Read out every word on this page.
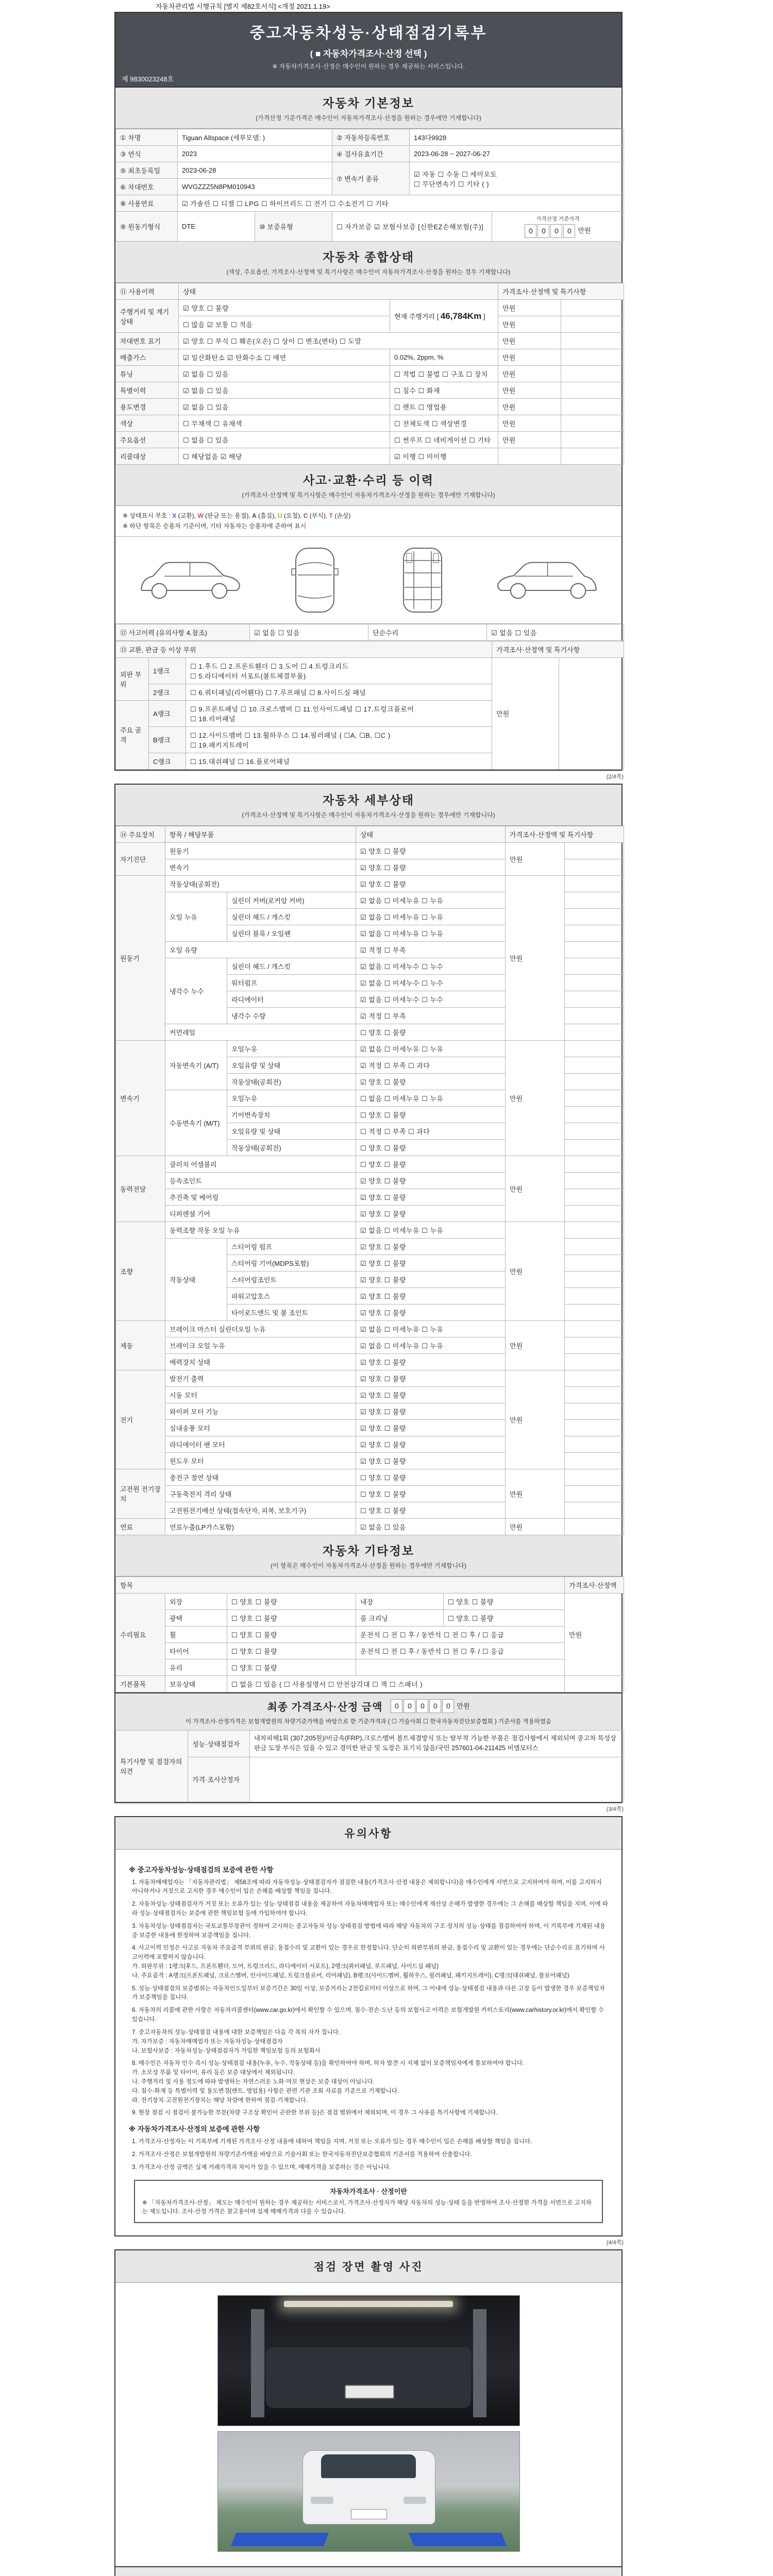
자동차관리법 시행규칙 [별지 제82호서식] <개정 2021.1.19>
중고자동차성능·상태점검기록부
( ■ 자동차가격조사·산정 선택 )
※ 자동차가격조사·산정은 매수인이 원하는 경우 제공하는 서비스입니다.
제 9830023248호
자동차 기본정보
(가격산정 기준가격은 매수인이 자동차가격조사·산정을 원하는 경우에만 기재합니다)
① 차명	Tiguan Allspace (세부모델: )		② 자동차등록번호	143다9928	
③ 연식	2023		④ 검사유효기간	2023-06-28 ~ 2027-06-27	
⑤ 최초등록일	2023-06-28		⑦ 변속기 종류	☑ 자동 ☐ 수동 ☐ 세미오토
☐ 무단변속기 ☐ 기타 ( )	
⑥ 차대번호	WVGZZZ5N8PM010943				
⑧ 사용연료	☑ 가솔린 ☐ 디젤 ☐ LPG ☐ 하이브리드 ☐ 전기 ☐ 수소전기 ☐ 기타				
⑨ 원동기형식	DTE	⑩ 보증유형	☐ 자가보증 ☑ 보험사보증 [신한EZ손해보험(주)]		가격산정 기준가격
0 0 0 0 만원
자동차 종합상태
(색상, 주요옵션, 가격조사·산정액 및 특기사항은 매수인이 자동차가격조사·산정을 원하는 경우 기재합니다)
⑪ 사용이력	상태		가격조사·산정액 및 특기사항	
주행거리 및 계기상태	☑ 양호 ☐ 불량	현재 주행거리 [ 46,784Km ]	만원	
	☐ 많음 ☑ 보통 ☐ 적음		만원	
차대번호 표기	☑ 양호 ☐ 부식 ☐ 훼손(오손) ☐ 상이 ☐ 변조(변타) ☐ 도말		만원	
배출가스	☑ 일산화탄소 ☑ 탄화수소 ☐ 매연	0.02%, 2ppm, %	만원	
튜닝	☑ 없음 ☐ 있음	☐ 적법 ☐ 불법 ☐ 구조 ☐ 장치	만원	
특별이력	☑ 없음 ☐ 있음	☐ 침수 ☐ 화재	만원	
용도변경	☑ 없음 ☐ 있음	☐ 렌트 ☐ 영업용	만원	
색상	☐ 무채색 ☐ 유채색	☐ 전체도색 ☐ 색상변경	만원	
주요옵션	☐ 없음 ☐ 있음	☐ 썬루프 ☐ 네비게이션 ☐ 기타	만원	
리콜대상	☐ 해당없음 ☑ 해당	☑ 이행 ☐ 미이행		
사고·교환·수리 등 이력
(가격조사·산정액 및 특기사항은 매수인이 자동차가격조사·산정을 원하는 경우에만 기재합니다)
※ 상태표시 부호 : X (교환), W (판금 또는 용접), A (흠집), U (요철), C (부식), T (손상)
※ 하단 항목은 승용차 기준이며, 기타 자동차는 승용차에 준하여 표시
⑫ 사고이력 (유의사항 4.참조)	☑ 없음 ☐ 있음	단순수리	☑ 없음 ☐ 있음
⑬ 교환, 판금 등 이상 부위			가격조사·산정액 및 특기사항	
외판 부위	1랭크	☐ 1.후드 ☐ 2.프론트휀더 ☐ 3.도어 ☐ 4.트렁크리드
☐ 5.라디에이터 서포트(볼트체결부품)	만원	
	2랭크	☐ 6.쿼터패널(리어휀다) ☐ 7.루프패널 ☐ 8.사이드실 패널		
주요 골격	A랭크	☐ 9.프론트패널 ☐ 10.크로스멤버 ☐ 11.인사이드패널 ☐ 17.트렁크플로어
☐ 18.리어패널		
	B랭크	☐ 12.사이드멤버 ☐ 13.휠하우스 ☐ 14.필러패널 ( ☐A, ☐B, ☐C )
☐ 19.패키지트레이		
	C랭크	☐ 15.대쉬패널 ☐ 16.플로어패널		
(2/4쪽)
자동차 세부상태
(가격조사·산정액 및 특기사항은 매수인이 자동차가격조사·산정을 원하는 경우에만 기재합니다)
⑭ 주요장치	항목 / 해당부품		상태	가격조사·산정액 및 특기사항	
자기진단	원동기		☑ 양호 ☐ 불량	만원	
	변속기		☑ 양호 ☐ 불량		
원동기	작동상태(공회전)		☑ 양호 ☐ 불량	만원	
	오일 누유	실린더 커버(로커암 커버)	☑ 없음 ☐ 미세누유 ☐ 누유		
		실린더 헤드 / 개스킷	☑ 없음 ☐ 미세누유 ☐ 누유		
		실린더 블록 / 오일팬	☑ 없음 ☐ 미세누유 ☐ 누유		
	오일 유량		☑ 적정 ☐ 부족		
	냉각수 누수	실린더 헤드 / 개스킷	☑ 없음 ☐ 미세누수 ☐ 누수		
		워터펌프	☑ 없음 ☐ 미세누수 ☐ 누수		
		라디에이터	☑ 없음 ☐ 미세누수 ☐ 누수		
		냉각수 수량	☑ 적정 ☐ 부족		
	커먼레일		☐ 양호 ☐ 불량		
변속기	자동변속기 (A/T)	오일누유	☑ 없음 ☐ 미세누유 ☐ 누유	만원	
		오일유량 및 상태	☑ 적정 ☐ 부족 ☐ 과다		
		작동상태(공회전)	☑ 양호 ☐ 불량		
	수동변속기 (M/T)	오일누유	☐ 없음 ☐ 미세누유 ☐ 누유		
		기어변속장치	☐ 양호 ☐ 불량		
		오일유량 및 상태	☐ 적정 ☐ 부족 ☐ 과다		
		작동상태(공회전)	☐ 양호 ☐ 불량		
동력전달	클러치 어셈블리		☐ 양호 ☐ 불량	만원	
	등속조인트		☑ 양호 ☐ 불량		
	추진축 및 베어링		☑ 양호 ☐ 불량		
	디퍼렌셜 기어		☑ 양호 ☐ 불량		
조향	동력조향 작동 오일 누유		☑ 없음 ☐ 미세누유 ☐ 누유	만원	
	작동상태	스티어링 펌프	☑ 양호 ☐ 불량		
		스티어링 기어(MDPS포함)	☑ 양호 ☐ 불량		
		스티어링조인트	☑ 양호 ☐ 불량		
		파워고압호스	☑ 양호 ☐ 불량		
		타이로드엔드 및 볼 조인트	☑ 양호 ☐ 불량		
제동	브레이크 마스터 실린더오일 누유		☑ 없음 ☐ 미세누유 ☐ 누유	만원	
	브레이크 오일 누유		☑ 없음 ☐ 미세누유 ☐ 누유		
	배력장치 상태		☑ 양호 ☐ 불량		
전기	발전기 출력		☑ 양호 ☐ 불량	만원	
	시동 모터		☑ 양호 ☐ 불량		
	와이퍼 모터 기능		☑ 양호 ☐ 불량		
	실내송풍 모터		☑ 양호 ☐ 불량		
	라디에이터 팬 모터		☑ 양호 ☐ 불량		
	윈도우 모터		☑ 양호 ☐ 불량		
고전원 전기장치	충전구 절연 상태		☐ 양호 ☐ 불량	만원	
	구동축전지 격리 상태		☐ 양호 ☐ 불량		
	고전원전기배선 상태(접속단자, 피복, 보호기구)		☐ 양호 ☐ 불량		
연료	연료누출(LP가스포함)		☑ 없음 ☐ 있음	만원	
자동차 기타정보
(이 항목은 매수인이 자동차가격조사·산정을 원하는 경우에만 기재합니다)
항목					가격조사·산정액
수리필요	외장	☐ 양호 ☐ 불량	내장	☐ 양호 ☐ 불량	만원
	광택	☐ 양호 ☐ 불량	룸 크리닝	☐ 양호 ☐ 불량	
	휠	☐ 양호 ☐ 불량	운전석 ☐ 전 ☐ 후 / 동반석 ☐ 전 ☐ 후 / ☐ 응급		
	타이어	☐ 양호 ☐ 불량	운전석 ☐ 전 ☐ 후 / 동반석 ☐ 전 ☐ 후 / ☐ 응급		
	유리	☐ 양호 ☐ 불량			
기본품목	보유상태	☐ 없음 ☐ 있음 ( ☐ 사용설명서 ☐ 안전삼각대 ☐ 잭 ☐ 스패너 )			
최종 가격조사·산정 금액	0 0 0 0 0 만원
이 가격조사·산정가격은 보험개발원의 차량기준가액을 바탕으로 한 기준가격과 ( ☐ 기술사회 ☐ 한국자동차진단보증협회 ) 기준서를 적용하였음
특기사항 및 점검자의 의견	성능·상태점검자	내차피해1회 (307,205원)/비금속(FRP),크로스멤버 볼트체결방식 또는 탈부착 가능한 부품은 점검사항에서 제외되며 중고차 특성상 판금 도장 부식은 있을 수 있고 경미한 판금 및 도장은 표기치 않음/국민 257601-04-211425 비엠모터스
	가격·조사산정자	
(3/4쪽)
유의사항
※ 중고자동차성능·상태점검의 보증에 관한 사항
1. 자동차매매업자는 「자동차관리법」 제58조에 따라 자동차성능·상태점검자가 점검한 내용(가격조사·산정 내용은 제외합니다)을 매수인에게 서면으로 고지하여야 하며, 이를 고지하지 아니하거나 거짓으로 고지한 경우 매수인이 입은 손해를 배상할 책임을 집니다.
2. 자동차성능·상태점검자가 거짓 또는 오류가 있는 성능·상태점검 내용을 제공하여 자동차매매업자 또는 매수인에게 재산상 손해가 발생한 경우에는 그 손해를 배상할 책임을 지며, 이에 따라 성능·상태점검자는 보증에 관한 책임보험 등에 가입하여야 합니다.
3. 자동차성능·상태점검자는 국토교통부장관이 정하여 고시하는 중고자동차 성능·상태점검 방법에 따라 해당 자동차의 구조·장치의 성능·상태를 점검하여야 하며, 이 기록부에 기재된 내용 중 보증한 내용에 한정하여 보증책임을 집니다.
4. 사고이력 인정은 사고로 자동차 주요골격 부위의 판금, 용접수리 및 교환이 있는 경우로 한정합니다. 단순히 외판부위의 판금, 용접수리 및 교환이 있는 경우에는 단순수리로 표기하며 사고이력에 포함하지 않습니다.
가. 외판부위 : 1랭크(후드, 프론트휀더, 도어, 트렁크리드, 라디에이터 서포트), 2랭크(쿼터패널, 루프패널, 사이드실 패널)
나. 주요골격 : A랭크(프론트패널, 크로스멤버, 인사이드패널, 트렁크플로어, 리어패널), B랭크(사이드멤버, 휠하우스, 필러패널, 패키지트레이), C랭크(대쉬패널, 플로어패널)
5. 성능·상태점검의 보증범위는 자동차인도일부터 보증기간은 30일 이상, 보증거리는 2천킬로미터 이상으로 하며, 그 이내에 성능·상태점검 내용과 다른 고장 등이 발생한 경우 보증책임자가 보증책임을 집니다.
6. 자동차의 리콜에 관한 사항은 자동차리콜센터(www.car.go.kr)에서 확인할 수 있으며, 침수·전손·도난 등의 보험사고 이력은 보험개발원 카히스토리(www.carhistory.or.kr)에서 확인할 수 있습니다.
7. 중고자동차의 성능·상태점검 내용에 대한 보증책임은 다음 각 목의 자가 집니다.
가. 자가보증 : 자동차매매업자 또는 자동차성능·상태점검자
나. 보험사보증 : 자동차성능·상태점검자가 가입한 책임보험 등의 보험회사
8. 매수인은 자동차 인수 즉시 성능·상태점검 내용(누유, 누수, 작동상태 등)을 확인하여야 하며, 하자 발견 시 지체 없이 보증책임자에게 통보하여야 합니다.
가. 소모성 부품 및 타이어, 유리 등은 보증 대상에서 제외됩니다.
나. 주행거리 및 사용 정도에 따라 발생하는 자연스러운 노화·마모 현상은 보증 대상이 아닙니다.
다. 침수·화재 등 특별이력 및 용도변경(렌트, 영업용) 사항은 관련 기관 조회 자료를 기준으로 기재합니다.
라. 전기장치·고전원전기장치는 해당 차량에 한하여 점검·기재합니다.
9. 현장 점검 시 점검이 불가능한 부분(차량 구조상 확인이 곤란한 부위 등)은 점검 범위에서 제외되며, 이 경우 그 사유를 특기사항에 기재합니다.
※ 자동차가격조사·산정의 보증에 관한 사항
1. 가격조사·산정자는 이 기록부에 기재된 가격조사·산정 내용에 대하여 책임을 지며, 거짓 또는 오류가 있는 경우 매수인이 입은 손해를 배상할 책임을 집니다.
2. 가격조사·산정은 보험개발원의 차량기준가액을 바탕으로 기술사회 또는 한국자동차진단보증협회의 기준서를 적용하여 산출합니다.
3. 가격조사·산정 금액은 실제 거래가격과 차이가 있을 수 있으며, 매매가격을 보증하는 것은 아닙니다.
자동차가격조사 · 산정이란
※ 「자동차가격조사·산정」 제도는 매수인이 원하는 경우 제공하는 서비스로서, 가격조사·산정자가 해당 자동차의 성능·상태 등을 반영하여 조사·산정한 가격을 서면으로 고지하는 제도입니다. 조사·산정 가격은 참고용이며 실제 매매가격과 다를 수 있습니다.
(4/4쪽)
점검 장면 촬영 사진
